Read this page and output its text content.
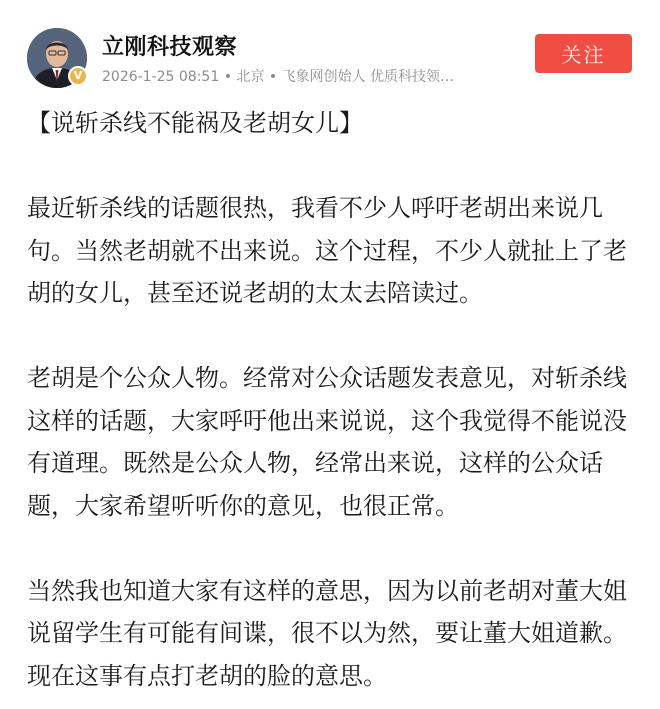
V
立刚科技观察
2026-1-25 08:51 • 北京 • 飞象网创始人 优质科技领…
关注

【说斩杀线不能祸及老胡女儿】

最近斩杀线的话题很热，我看不少人呼吁老胡出来说几句。当然老胡就不出来说。这个过程，不少人就扯上了老胡的女儿，甚至还说老胡的太太去陪读过。

老胡是个公众人物。经常对公众话题发表意见，对斩杀线这样的话题，大家呼吁他出来说说，这个我觉得不能说没有道理。既然是公众人物，经常出来说，这样的公众话题，大家希望听听你的意见，也很正常。

当然我也知道大家有这样的意思，因为以前老胡对董大姐说留学生有可能有间谍，很不以为然，要让董大姐道歉。现在这事有点打老胡的脸的意思。
